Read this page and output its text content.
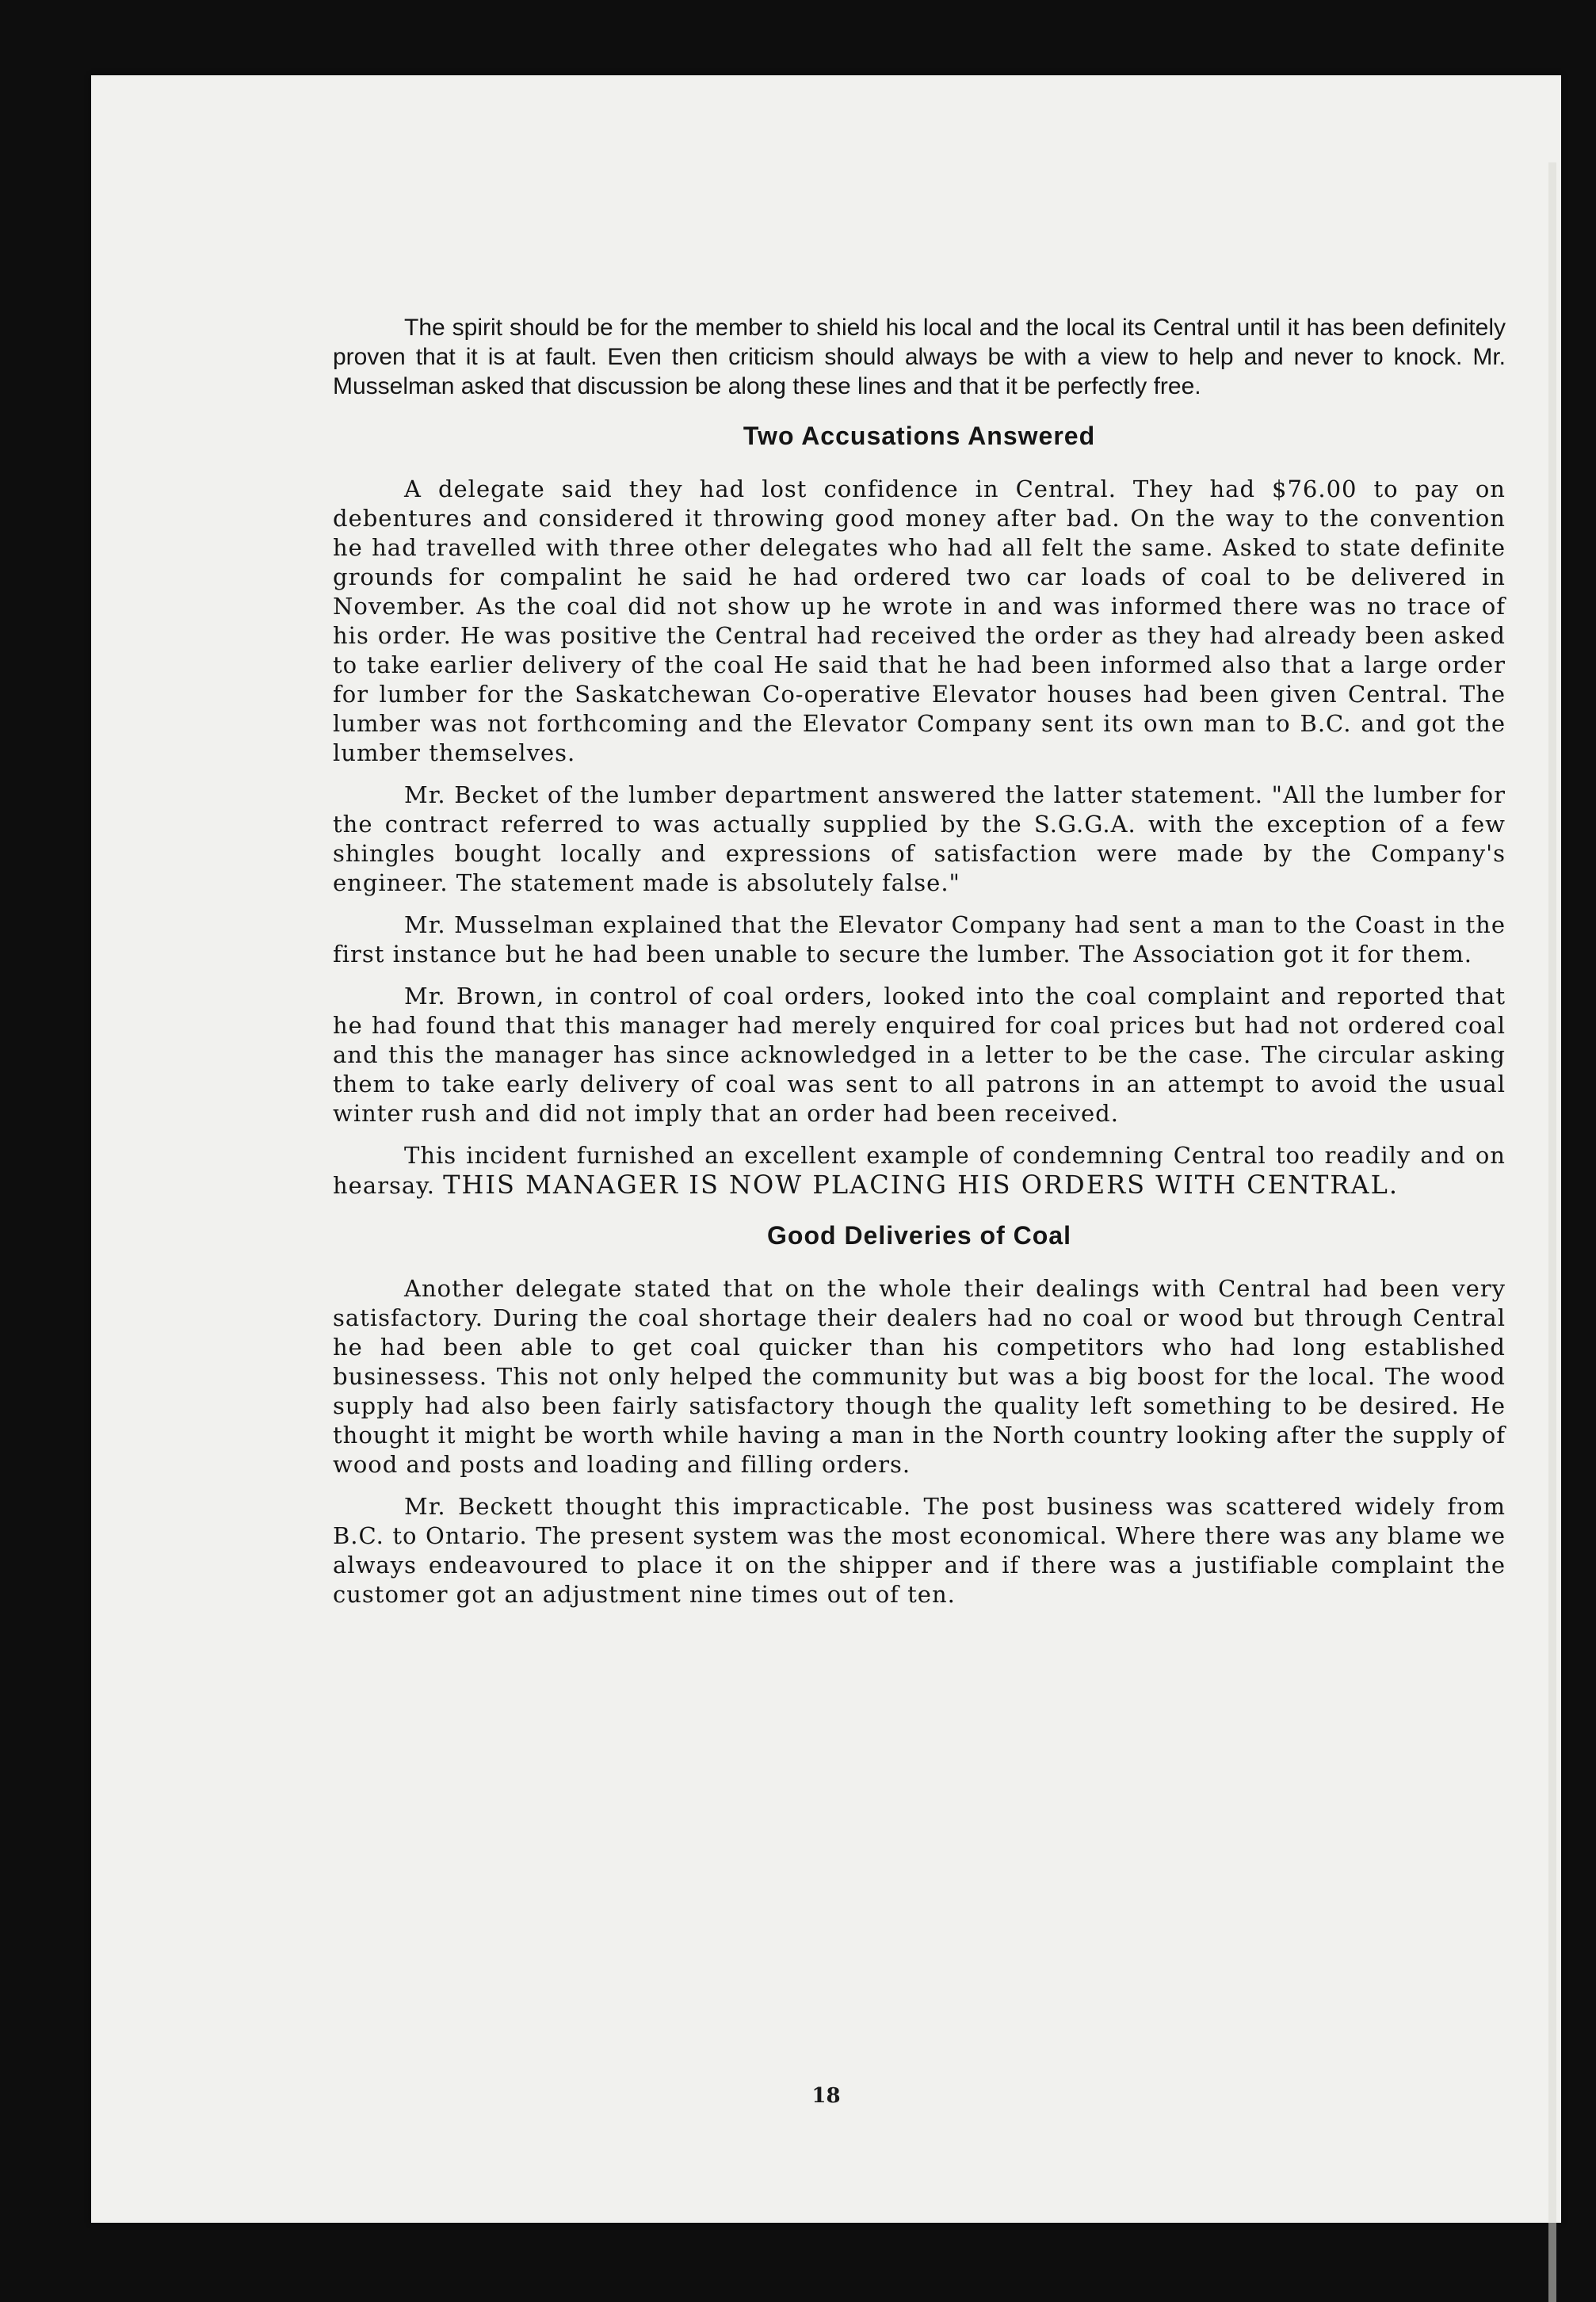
The spirit should be for the member to shield his local and the local its Central until it has been definitely proven that it is at fault. Even then criticism should always be with a view to help and never to knock. Mr. Musselman asked that discussion be along these lines and that it be perfectly free.

Two Accusations Answered

A delegate said they had lost confidence in Central. They had $76.00 to pay on debentures and considered it throwing good money after bad. On the way to the convention he had travelled with three other delegates who had all felt the same. Asked to state definite grounds for compalint he said he had ordered two car loads of coal to be delivered in November. As the coal did not show up he wrote in and was informed there was no trace of his order. He was positive the Central had received the order as they had already been asked to take earlier delivery of the coal He said that he had been informed also that a large order for lumber for the Saskatchewan Co-operative Elevator houses had been given Central. The lumber was not forthcoming and the Elevator Company sent its own man to B.C. and got the lumber themselves.

Mr. Becket of the lumber department answered the latter statement. "All the lumber for the contract referred to was actually supplied by the S.G.G.A. with the exception of a few shingles bought locally and expressions of satisfaction were made by the Company's engineer. The statement made is absolutely false."

Mr. Musselman explained that the Elevator Company had sent a man to the Coast in the first instance but he had been unable to secure the lumber. The Association got it for them.

Mr. Brown, in control of coal orders, looked into the coal complaint and reported that he had found that this manager had merely enquired for coal prices but had not ordered coal and this the manager has since acknowledged in a letter to be the case. The circular asking them to take early delivery of coal was sent to all patrons in an attempt to avoid the usual winter rush and did not imply that an order had been received.

This incident furnished an excellent example of condemning Central too readily and on hearsay. THIS MANAGER IS NOW PLACING HIS ORDERS WITH CENTRAL.

Good Deliveries of Coal

Another delegate stated that on the whole their dealings with Central had been very satisfactory. During the coal shortage their dealers had no coal or wood but through Central he had been able to get coal quicker than his competitors who had long established businessess. This not only helped the community but was a big boost for the local. The wood supply had also been fairly satisfactory though the quality left something to be desired. He thought it might be worth while having a man in the North country looking after the supply of wood and posts and loading and filling orders.

Mr. Beckett thought this impracticable. The post business was scattered widely from B.C. to Ontario. The present system was the most economical. Where there was any blame we always endeavoured to place it on the shipper and if there was a justifiable complaint the customer got an adjustment nine times out of ten.

18
